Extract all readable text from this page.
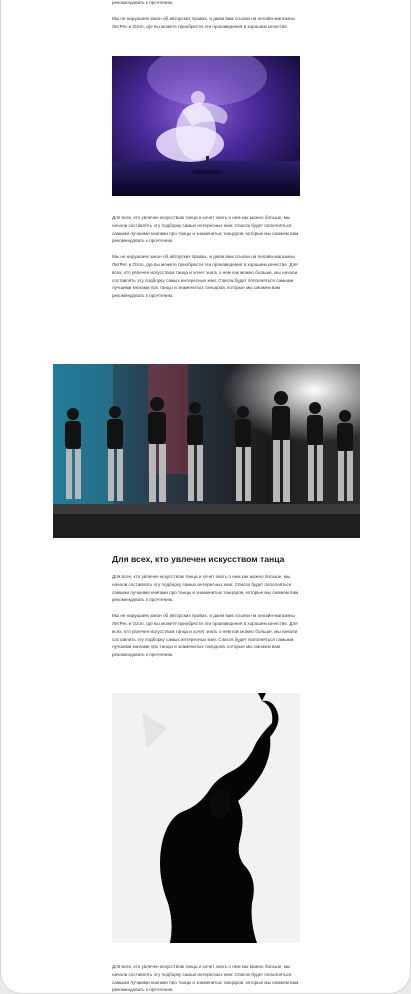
рекомендовать к прочтению.

Мы не нарушаем закон об авторских правах, и даем вам ссылки на онлайн-магазины ЛитРес и Ozon, где вы можете приобрести эти произведения в хорошем качестве.

Для всех, кто увлечен искусством танца и хочет знать о нем как можно больше, мы начали составлять эту подборку самых интересных книг. Список будет пополняться самыми лучшими книгами про танцы и знаменитых танцоров, которые мы сможем вам рекомендовать к прочтению.

Мы не нарушаем закон об авторских правах, и даем вам ссылки на онлайн-магазины ЛитРес и Ozon, где вы можете приобрести эти произведения в хорошем качестве. Для всех, кто увлечен искусством танца и хочет знать о нем как можно больше, мы начали составлять эту подборку самых интересных книг. Список будет пополняться самыми лучшими книгами про танцы и знаменитых танцоров, которые мы сможем вам рекомендовать к прочтению.

Для всех, кто увлечен искусством танца

Для всех, кто увлечен искусством танца и хочет знать о нем как можно больше, мы начали составлять эту подборку самых интересных книг. Список будет пополняться самыми лучшими книгами про танцы и знаменитых танцоров, которые мы сможем вам рекомендовать к прочтению.

Мы не нарушаем закон об авторских правах, и даем вам ссылки на онлайн-магазины ЛитРес и Ozon, где вы можете приобрести эти произведения в хорошем качестве. Для всех, кто увлечен искусством танца и хочет знать о нем как можно больше, мы начали составлять эту подборку самых интересных книг. Список будет пополняться самыми лучшими книгами про танцы и знаменитых танцоров, которые мы сможем вам рекомендовать к прочтению.

Для всех, кто увлечен искусством танца и хочет знать о нем как можно больше, мы начали составлять эту подборку самых интересных книг. Список будет пополняться самыми лучшими книгами про танцы и знаменитых танцоров, которые мы сможем вам рекомендовать к прочтению.
